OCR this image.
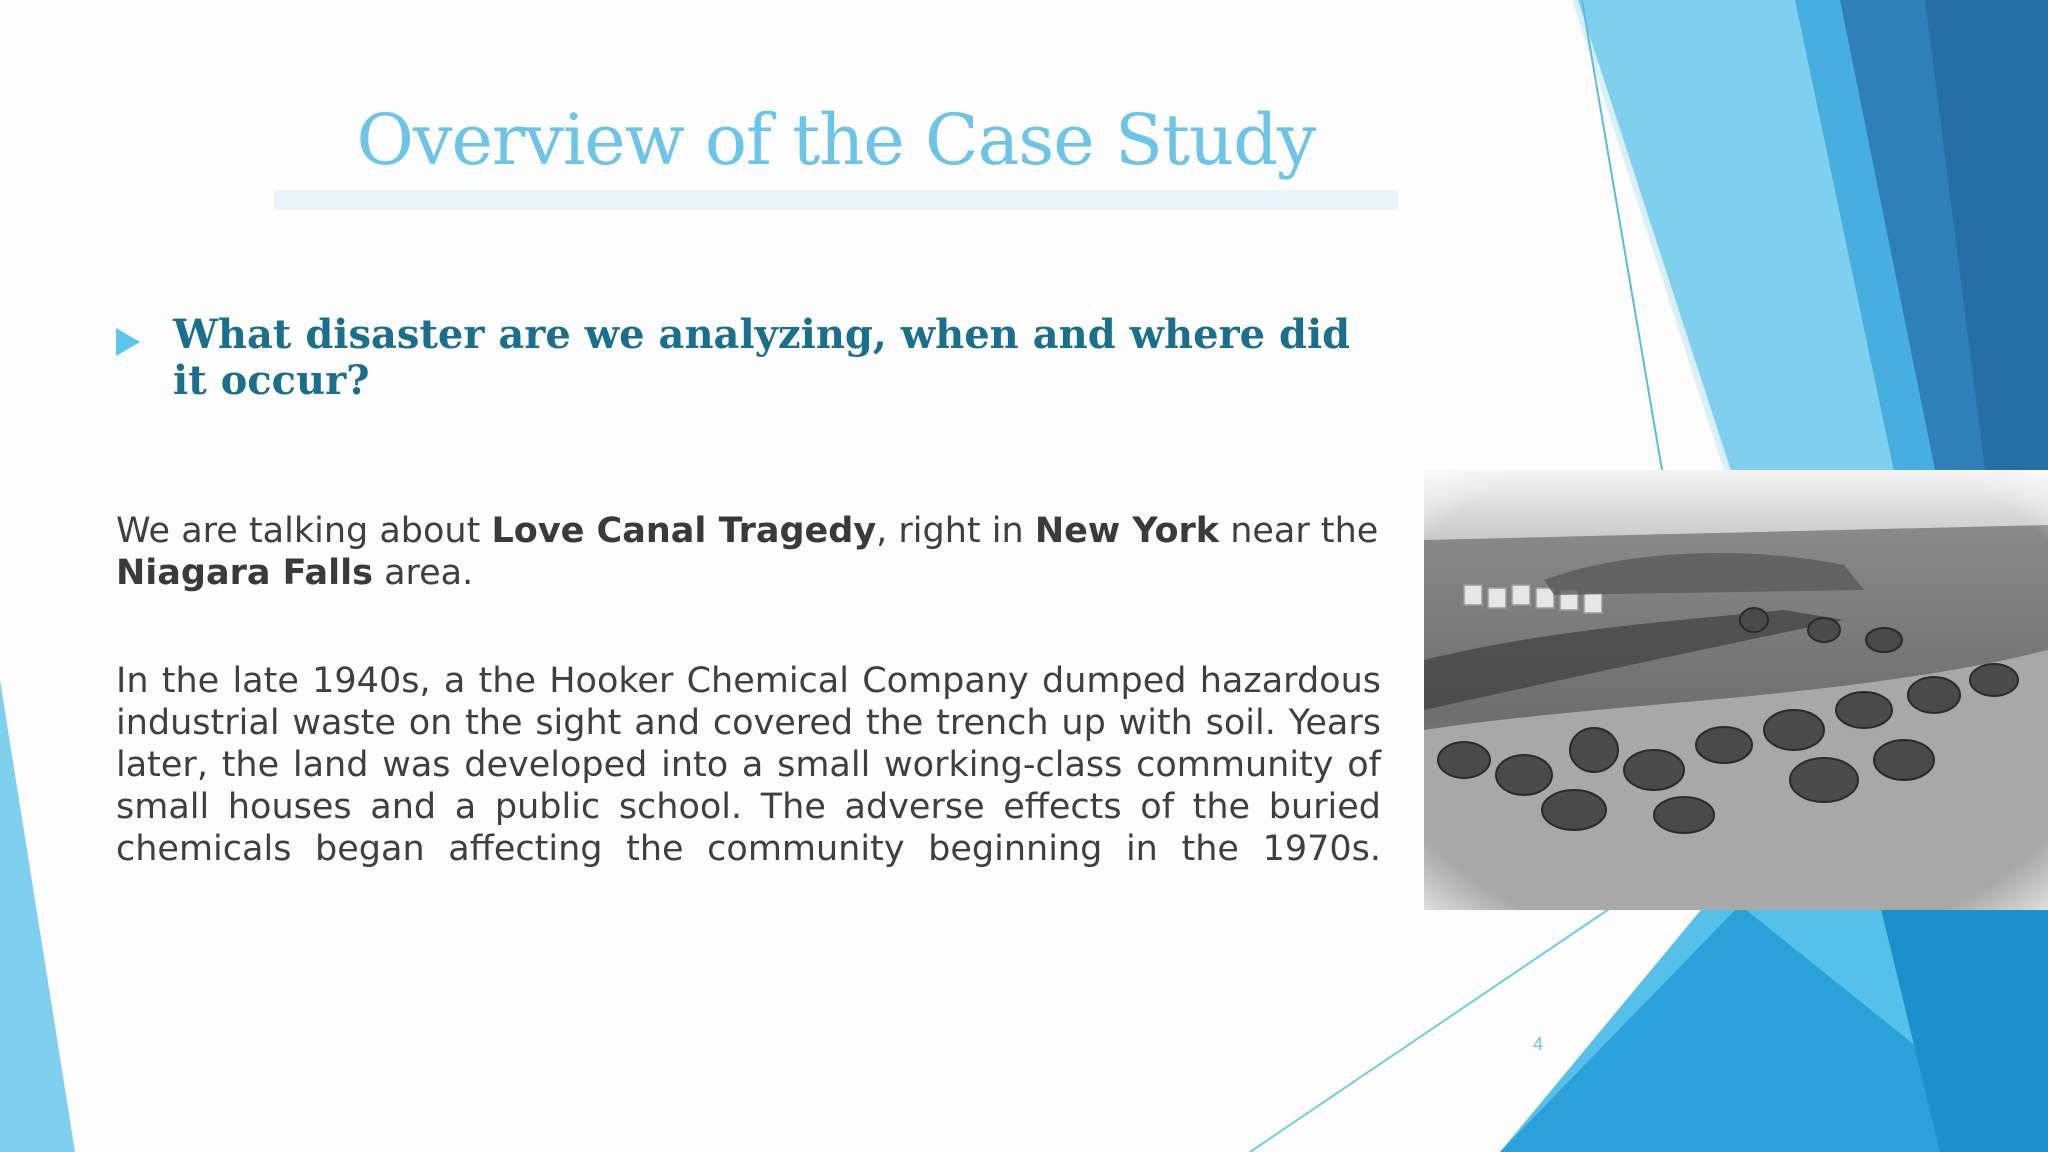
Overview of the Case Study

What disaster are we analyzing, when and where did it occur?

We are talking about Love Canal Tragedy, right in New York near the Niagara Falls area.

In the late 1940s, a the Hooker Chemical Company dumped hazardous industrial waste on the sight and covered the trench up with soil. Years later, the land was developed into a small working-class community of small houses and a public school. The adverse effects of the buried chemicals began affecting the community beginning in the 1970s.

4
